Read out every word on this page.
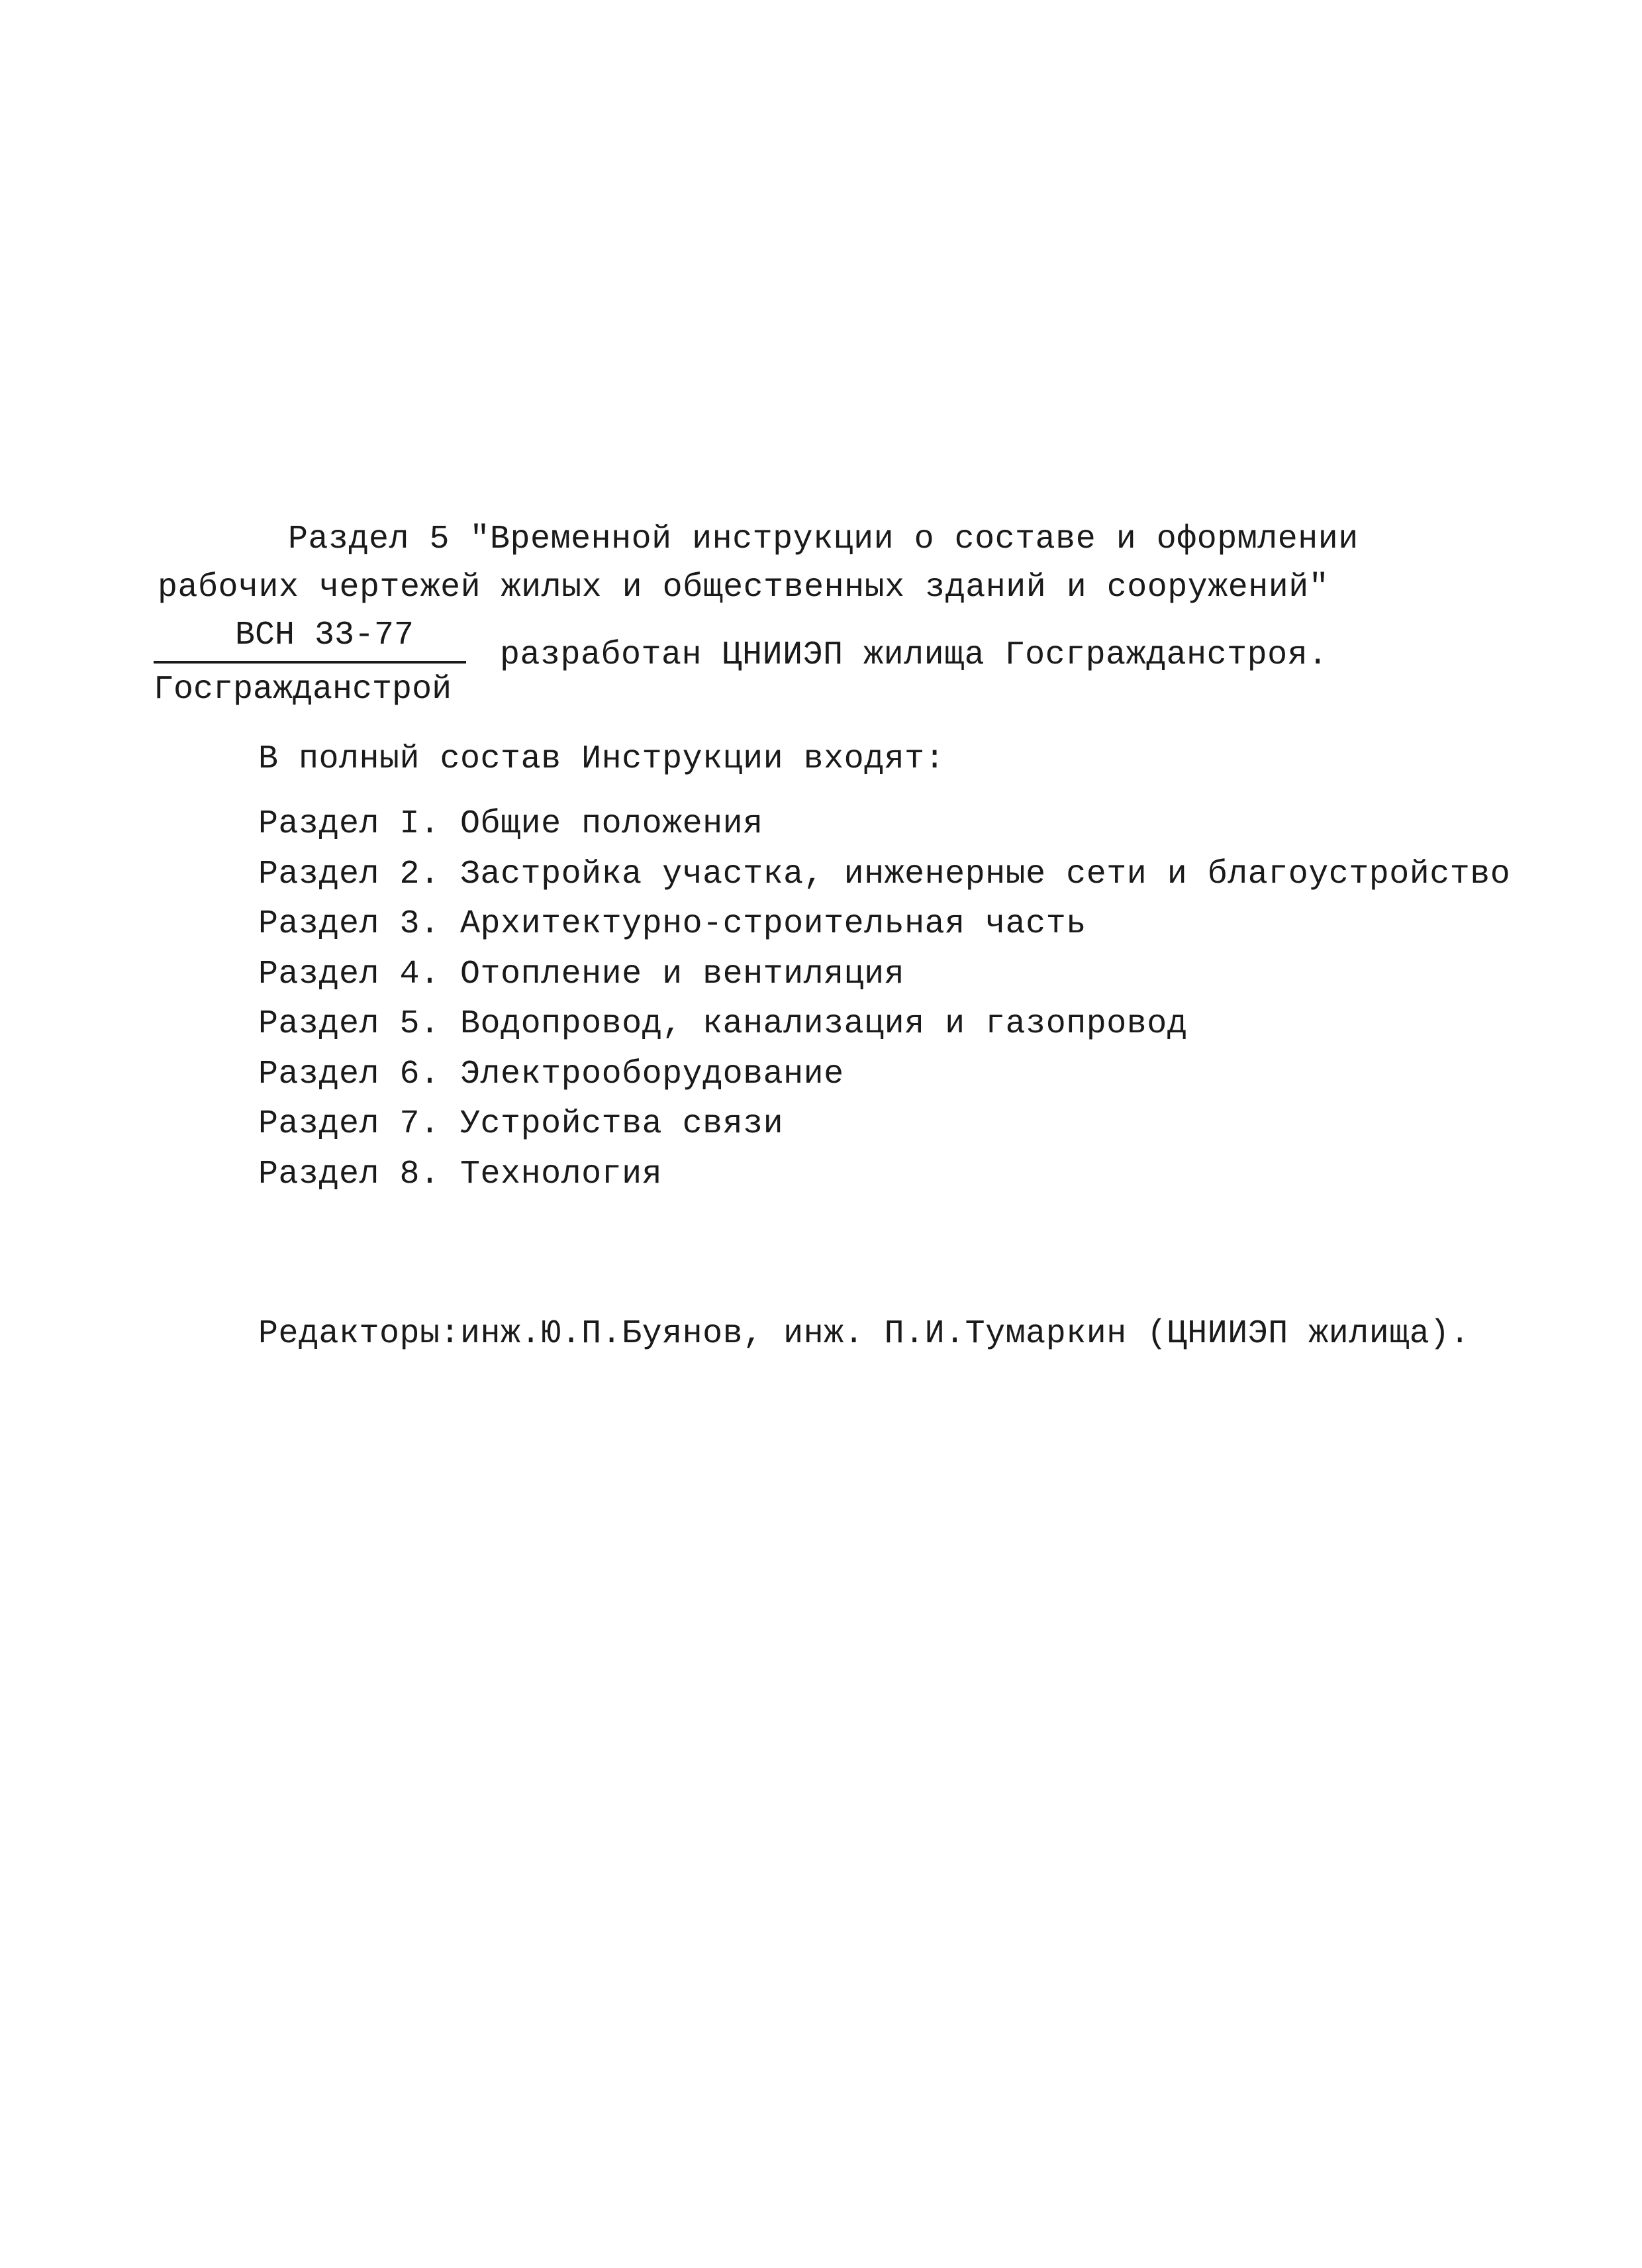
Раздел 5 "Временной инструкции о составе и оформлении
рабочих чертежей жилых и общественных зданий и сооружений"
ВСН 33-77
Госгражданстрой
разработан ЦНИИЭП жилища Госгражданстроя.
В полный состав Инструкции входят:
Раздел I. Общие положения
Раздел 2. Застройка участка, инженерные сети и благоустройство
Раздел 3. Архитектурно-строительная часть
Раздел 4. Отопление и вентиляция
Раздел 5. Водопровод, канализация и газопровод
Раздел 6. Электрооборудование
Раздел 7. Устройства связи
Раздел 8. Технология
Редакторы:инж.Ю.П.Буянов, инж. П.И.Тумаркин (ЦНИИЭП жилища).
